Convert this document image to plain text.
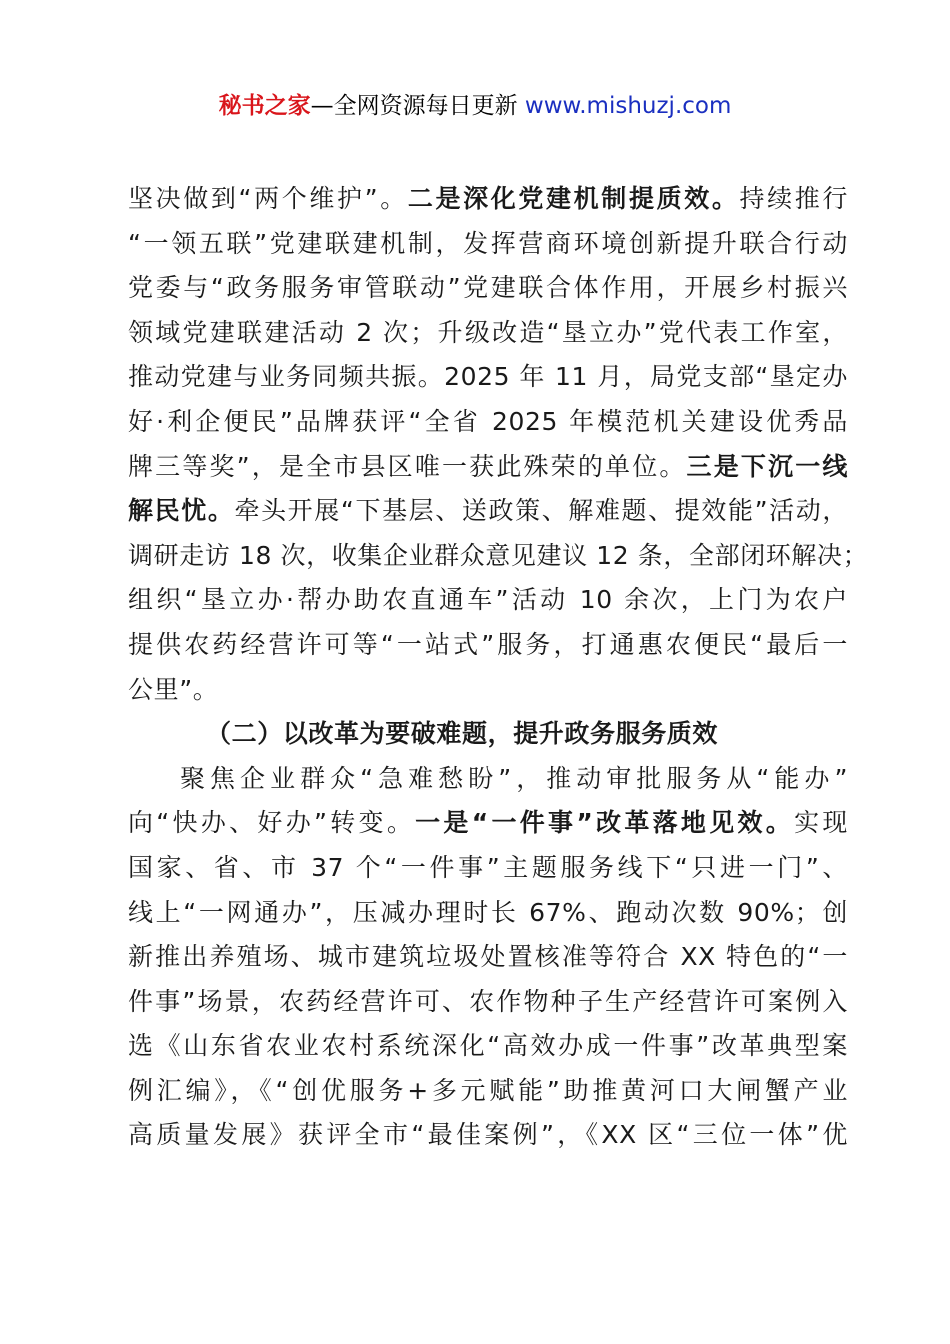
秘书之家—全网资源每日更新 www.mishuzj.com
坚决做到“两个维护”。二是深化党建机制提质效。持续推行
“一领五联”党建联建机制，发挥营商环境创新提升联合行动
党委与“政务服务审管联动”党建联合体作用，开展乡村振兴
领域党建联建活动 2 次；升级改造“垦立办”党代表工作室，
推动党建与业务同频共振。2025 年 11 月，局党支部“垦定办
好·利企便民”品牌获评“全省 2025 年模范机关建设优秀品
牌三等奖”，是全市县区唯一获此殊荣的单位。三是下沉一线
解民忧。牵头开展“下基层、送政策、解难题、提效能”活动，
调研走访 18 次，收集企业群众意见建议 12 条，全部闭环解决；
组织“垦立办·帮办助农直通车”活动 10 余次，上门为农户
提供农药经营许可等“一站式”服务，打通惠农便民“最后一
公里”。
（二）以改革为要破难题，提升政务服务质效
聚焦企业群众“急难愁盼”，推动审批服务从“能办”
向“快办、好办”转变。一是“一件事”改革落地见效。实现
国家、省、市 37 个“一件事”主题服务线下“只进一门”、
线上“一网通办”，压减办理时长 67%、跑动次数 90%；创
新推出养殖场、城市建筑垃圾处置核准等符合 XX 特色的“一
件事”场景，农药经营许可、农作物种子生产经营许可案例入
选《山东省农业农村系统深化“高效办成一件事”改革典型案
例汇编》，《“创优服务+多元赋能”助推黄河口大闸蟹产业
高质量发展》获评全市“最佳案例”，《XX 区“三位一体”优
